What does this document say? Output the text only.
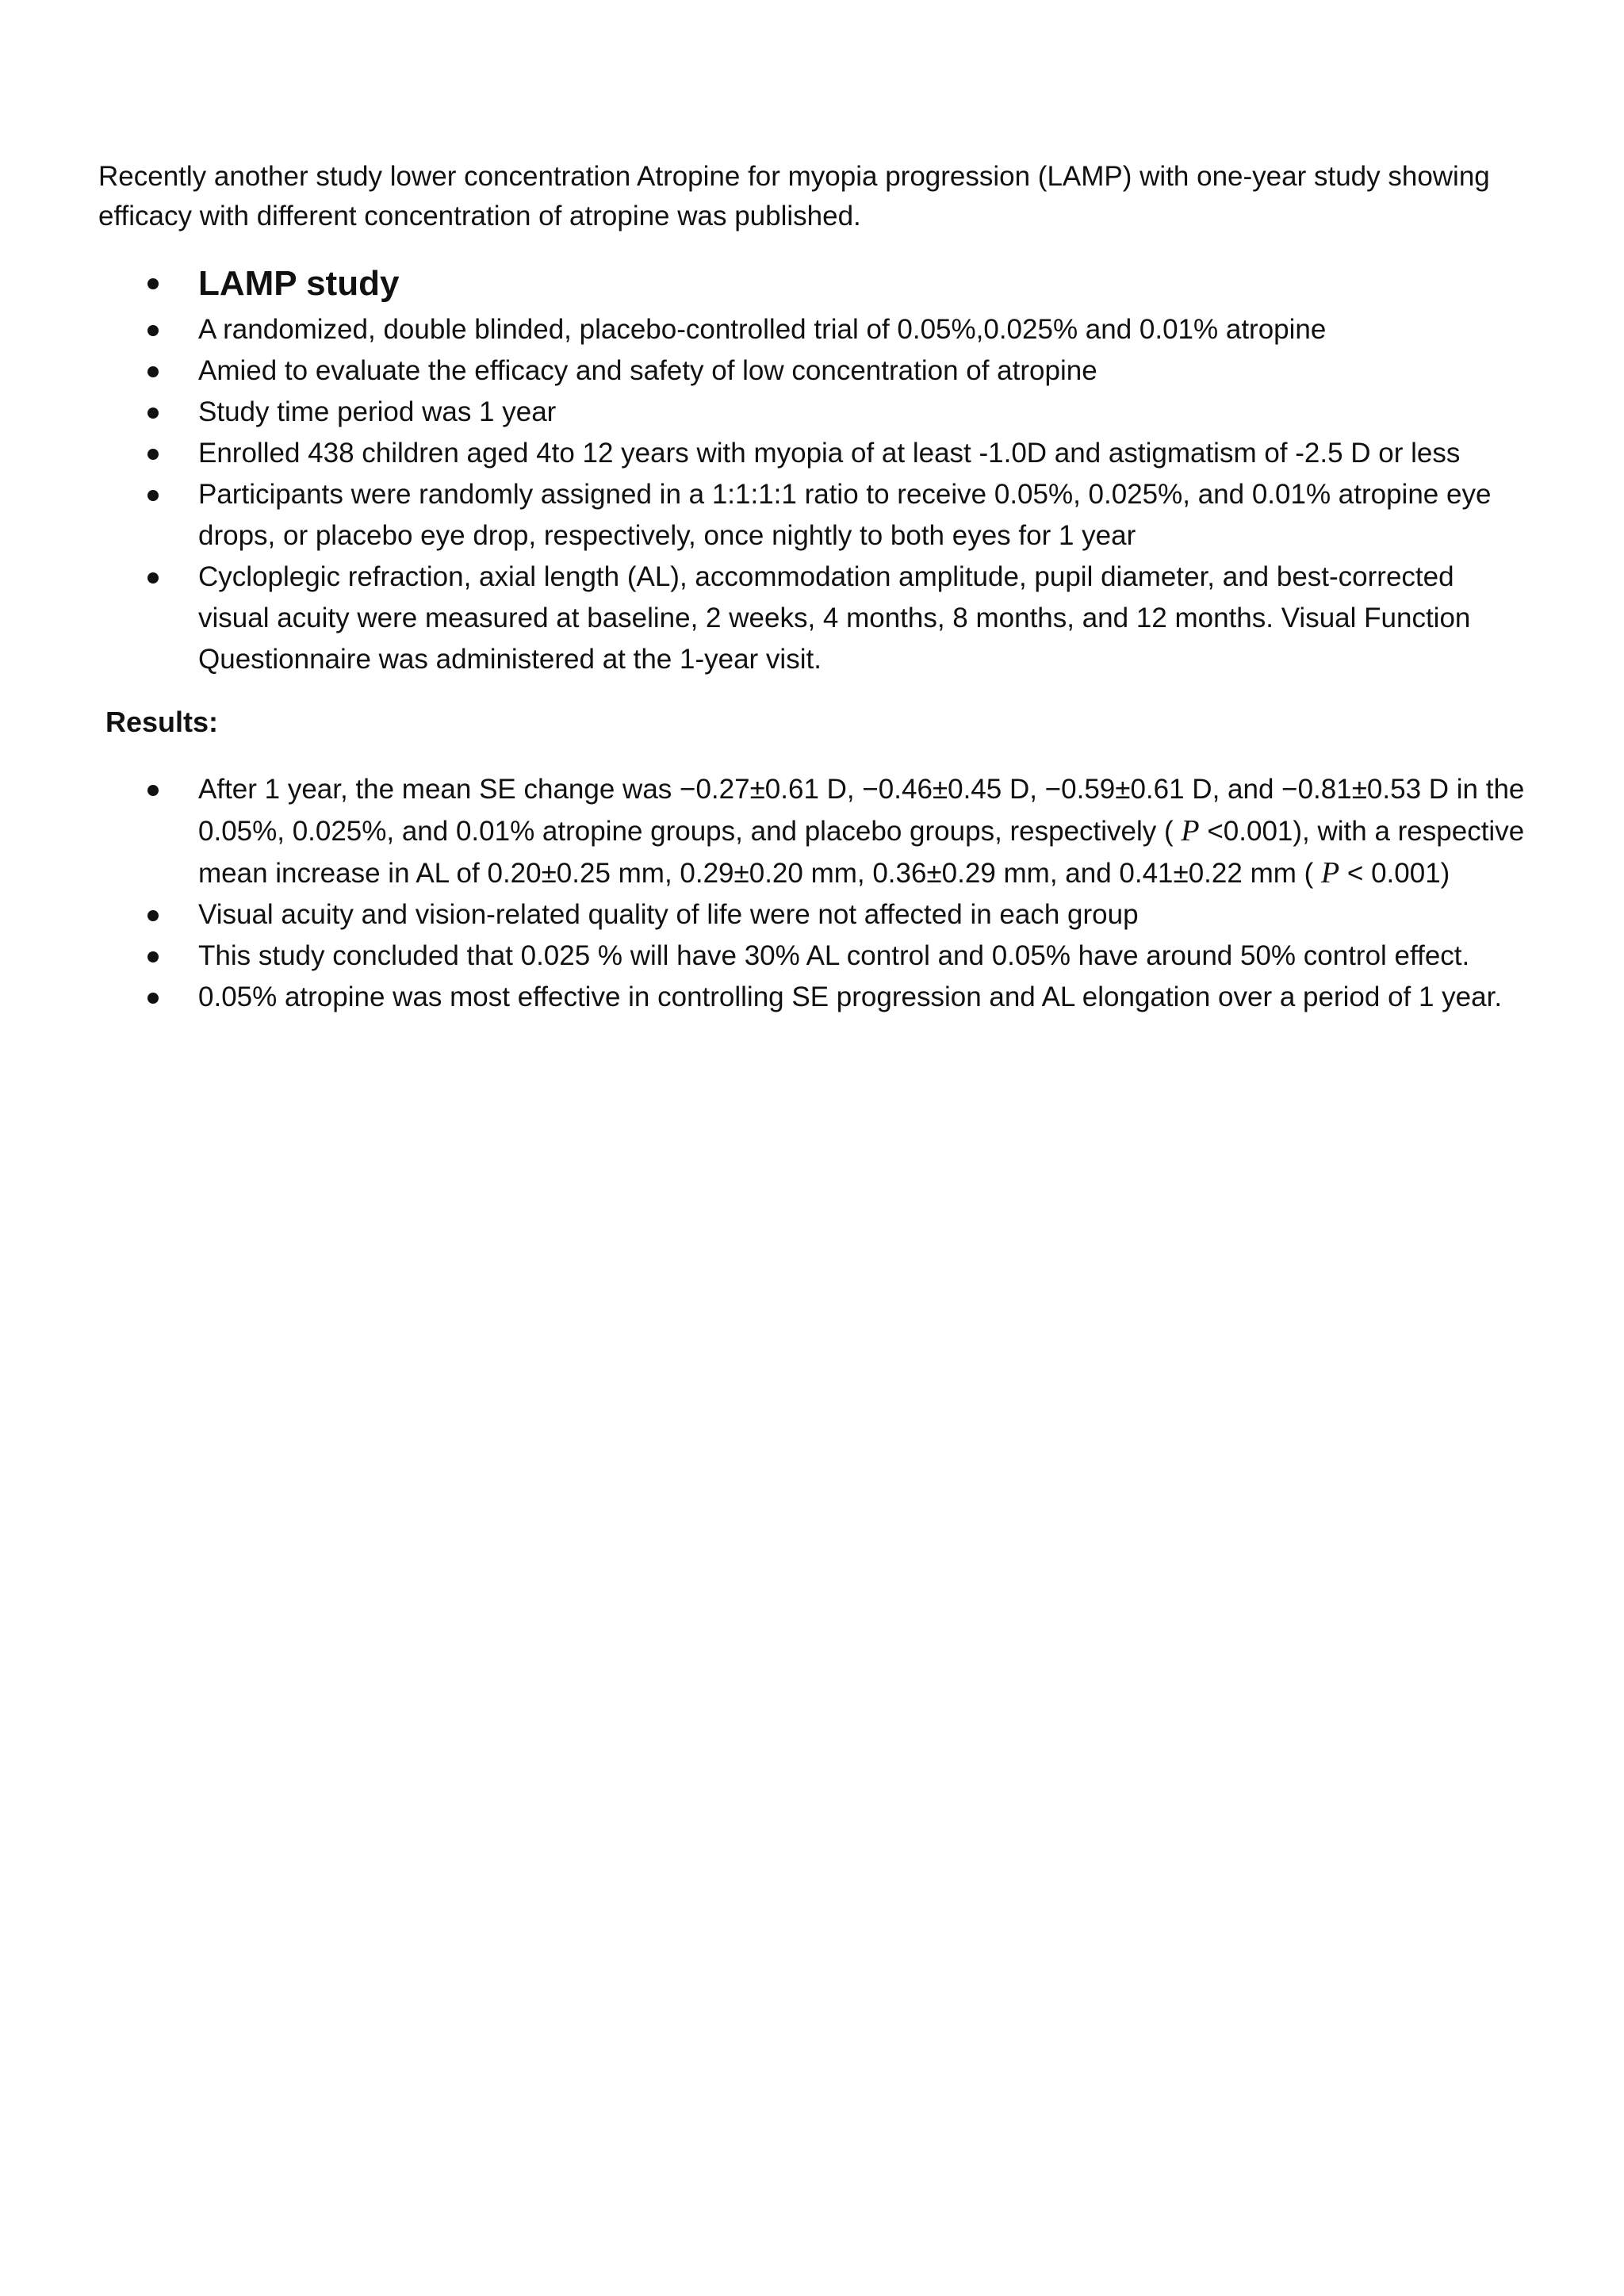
Recently another study lower concentration Atropine for myopia progression (LAMP) with one-year study showing efficacy with different concentration of atropine was published.

LAMP study
A randomized, double blinded, placebo-controlled trial of 0.05%,0.025% and 0.01% atropine
Amied to evaluate the efficacy and safety of low concentration of atropine
Study time period was 1 year
Enrolled 438 children aged 4to 12 years with myopia of at least -1.0D and astigmatism of -2.5 D or less
Participants were randomly assigned in a 1:1:1:1 ratio to receive 0.05%, 0.025%, and 0.01% atropine eye drops, or placebo eye drop, respectively, once nightly to both eyes for 1 year
Cycloplegic refraction, axial length (AL), accommodation amplitude, pupil diameter, and best-corrected visual acuity were measured at baseline, 2 weeks, 4 months, 8 months, and 12 months. Visual Function Questionnaire was administered at the 1-year visit.

Results:

After 1 year, the mean SE change was −0.27±0.61 D, −0.46±0.45 D, −0.59±0.61 D, and −0.81±0.53 D in the 0.05%, 0.025%, and 0.01% atropine groups, and placebo groups, respectively ( P <0.001), with a respective mean increase in AL of 0.20±0.25 mm, 0.29±0.20 mm, 0.36±0.29 mm, and 0.41±0.22 mm ( P < 0.001)
Visual acuity and vision-related quality of life were not affected in each group
This study concluded that 0.025 % will have 30% AL control and 0.05% have around 50% control effect.
0.05% atropine was most effective in controlling SE progression and AL elongation over a period of 1 year.
